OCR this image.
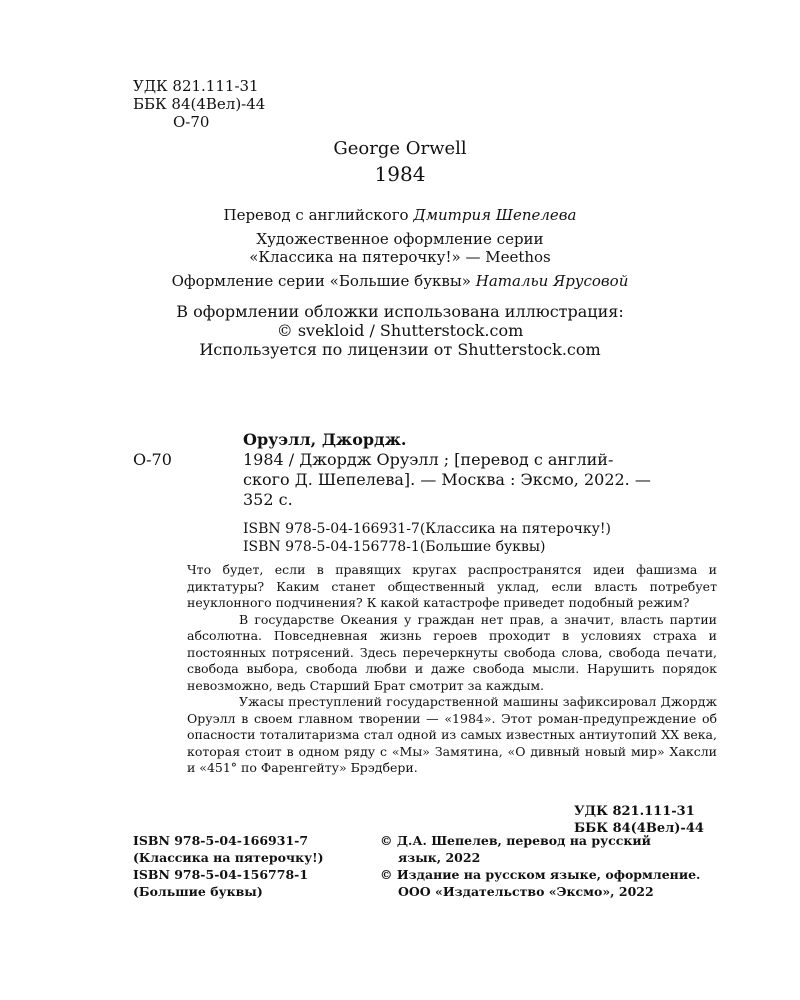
УДК 821.111-31
ББК 84(4Вел)-44
О-70
George Orwell
1984
Перевод с английского Дмитрия Шепелева
Художественное оформление серии
«Классика на пятерочку!» — Meethos
Оформление серии «Большие буквы» Натальи Ярусовой
В оформлении обложки использована иллюстрация:
© svekloid / Shutterstock.com
Используется по лицензии от Shutterstock.com
Оруэлл, Джордж.
О-70	1984 / Джордж Оруэлл ; [перевод с англий-
ского Д. Шепелева]. — Москва : Эксмо, 2022. —
352 с.
ISBN 978-5-04-166931-7(Классика на пятерочку!)
ISBN 978-5-04-156778-1(Большие буквы)

Что будет, если в правящих кругах распространятся идеи фашизма и диктатуры? Каким станет общественный уклад, если власть потребует неуклонного подчинения? К какой катастрофе приведет подобный режим?

В государстве Океания у граждан нет прав, а значит, власть партии абсолютна. Повседневная жизнь героев проходит в условиях страха и постоянных потрясений. Здесь перечеркнуты свобода слова, свобода печати, свобода выбора, свобода любви и даже свобода мысли. Нарушить порядок невозможно, ведь Старший Брат смотрит за каждым.

Ужасы преступлений государственной машины зафиксировал Джордж Оруэлл в своем главном творении — «1984». Этот роман-предупреждение об опасности тоталитаризма стал одной из самых известных антиутопий XX века, которая стоит в одном ряду с «Мы» Замятина, «О дивный новый мир» Хаксли и «451° по Фаренгейту» Брэдбери.

УДК 821.111-31
ББК 84(4Вел)-44
ISBN 978-5-04-166931-7
(Классика на пятерочку!)
ISBN 978-5-04-156778-1
(Большие буквы)
© Д.А. Шепелев, перевод на русский
язык, 2022
© Издание на русском языке, оформление.
ООО «Издательство «Эксмо», 2022
